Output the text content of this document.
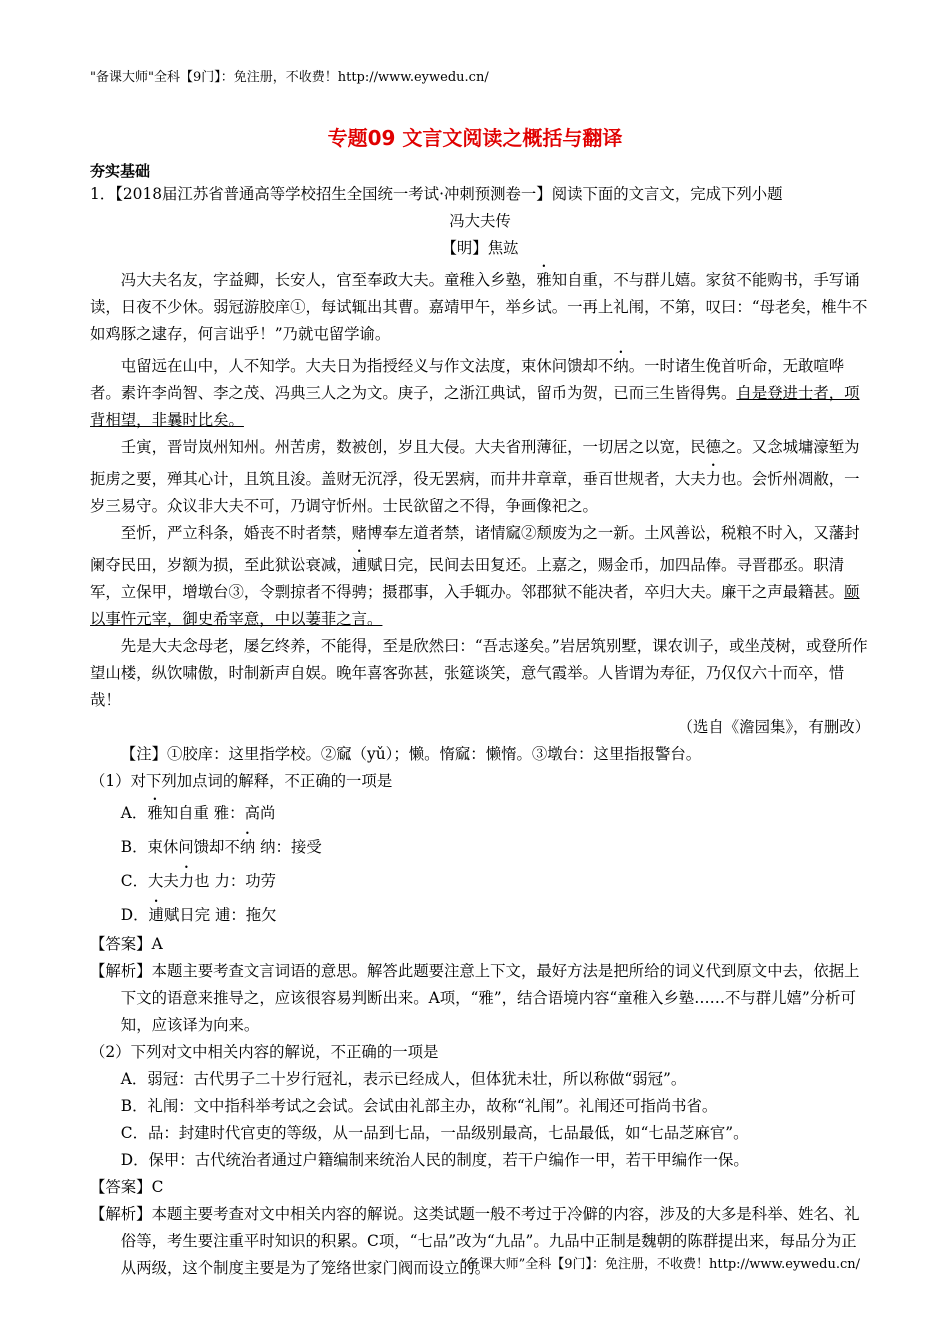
"备课大师"全科【9门】：免注册，不收费！http://www.eywedu.cn/
专题09 文言文阅读之概括与翻译
夯实基础
1．【2018届江苏省普通高等学校招生全国统一考试·冲刺预测卷一】阅读下面的文言文，完成下列小题
冯大夫传
【明】焦竑

冯大夫名友，字益卿，长安人，官至奉政大夫。童稚入乡塾，雅知自重，不与群儿嬉。家贫不能购书，手写诵读，日夜不少休。弱冠游胶庠①，每试辄出其曹。嘉靖甲午，举乡试。一再上礼闱，不第，叹曰：“母老矣，椎牛不如鸡豚之逮存，何言诎乎！”乃就屯留学谕。

屯留远在山中，人不知学。大夫日为指授经义与作文法度，束休问馈却不纳。一时诸生俛首听命，无敢喧哗者。素许李尚智、李之茂、冯典三人之为文。庚子，之浙江典试，留币为贺，已而三生皆得隽。自是登进士者，项背相望，非曩时比矣。

壬寅，晋岢岚州知州。州苦虏，数被创，岁且大侵。大夫省刑薄征，一切居之以宽，民德之。又念城墉濠堑为扼虏之要，殚其心计，且筑且浚。盖财无沉浮，役无罢病，而井井章章，垂百世规者，大夫力也。会忻州凋敝，一岁三易守。众议非大夫不可，乃调守忻州。士民欲留之不得，争画像祀之。

至忻，严立科条，婚丧不时者禁，赌博奉左道者禁，诸情窳②颓废为之一新。土风善讼，税粮不时入，又藩封阑夺民田，岁额为损，至此狱讼衰减，逋赋日完，民间去田复还。上嘉之，赐金币，加四品俸。寻晋郡丞。职清军，立保甲，增墩台③，令剽掠者不得骋；摄郡事，入手辄办。邻郡狱不能决者，卒归大夫。廉干之声最籍甚。颐以事忤元宰，御史希宰意，中以萋菲之言。

先是大夫念母老，屡乞终养，不能得，至是欣然曰：“吾志遂矣。”岩居筑别墅，课农训子，或坐茂树，或登所作望山楼，纵饮啸傲，时制新声自娱。晚年喜客弥甚，张筵谈笑，意气霞举。人皆谓为寿征，乃仅仅六十而卒，惜哉！

（选自《澹园集》，有删改）
【注】①胶庠：这里指学校。②窳（yǔ）；懒。惰窳：懒惰。③墩台：这里指报警台。
（1）对下列加点词的解释，不正确的一项是
A．雅知自重 雅：高尚
B．束休问馈却不纳 纳：接受
C．大夫力也 力：功劳
D．逋赋日完 逋：拖欠
【答案】A
【解析】本题主要考查文言词语的意思。解答此题要注意上下文，最好方法是把所给的词义代到原文中去，依据上下文的语意来推导之，应该很容易判断出来。A项，“雅”，结合语境内容“童稚入乡塾……不与群儿嬉”分析可知，应该译为向来。
（2）下列对文中相关内容的解说，不正确的一项是
A．弱冠：古代男子二十岁行冠礼，表示已经成人，但体犹未壮，所以称做“弱冠”。
B．礼闱：文中指科举考试之会试。会试由礼部主办，故称“礼闱”。礼闱还可指尚书省。
C．品：封建时代官吏的等级，从一品到七品，一品级别最高，七品最低，如“七品芝麻官”。
D．保甲：古代统治者通过户籍编制来统治人民的制度，若干户编作一甲，若干甲编作一保。
【答案】C
【解析】本题主要考查对文中相关内容的解说。这类试题一般不考过于冷僻的内容，涉及的大多是科举、姓名、礼俗等，考生要注重平时知识的积累。C项，“七品”改为“九品”。九品中正制是魏朝的陈群提出来，每品分为正从两级，这个制度主要是为了笼络世家门阀而设立的。
“备课大师”全科【9门】：免注册，不收费！http://www.eywedu.cn/
